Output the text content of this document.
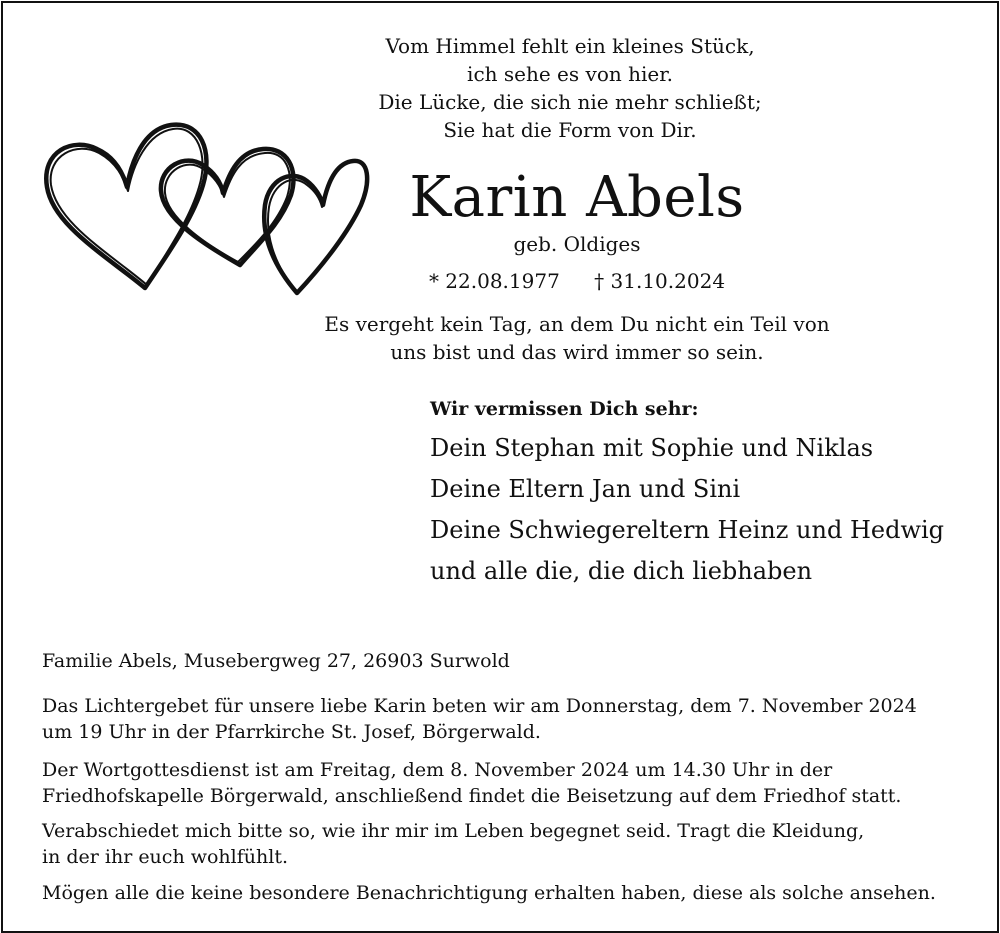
Vom Himmel fehlt ein kleines Stück,
ich sehe es von hier.
Die Lücke, die sich nie mehr schließt;
Sie hat die Form von Dir.
Karin Abels
geb. Oldiges
* 22.08.1977 † 31.10.2024
Es vergeht kein Tag, an dem Du nicht ein Teil von
uns bist und das wird immer so sein.
Wir vermissen Dich sehr:
Dein Stephan mit Sophie und Niklas
Deine Eltern Jan und Sini
Deine Schwiegereltern Heinz und Hedwig
und alle die, die dich liebhaben
Familie Abels, Musebergweg 27, 26903 Surwold
Das Lichtergebet für unsere liebe Karin beten wir am Donnerstag, dem 7. November 2024
um 19 Uhr in der Pfarrkirche St. Josef, Börgerwald.
Der Wortgottesdienst ist am Freitag, dem 8. November 2024 um 14.30 Uhr in der
Friedhofskapelle Börgerwald, anschließend findet die Beisetzung auf dem Friedhof statt.
Verabschiedet mich bitte so, wie ihr mir im Leben begegnet seid. Tragt die Kleidung,
in der ihr euch wohlfühlt.
Mögen alle die keine besondere Benachrichtigung erhalten haben, diese als solche ansehen.
